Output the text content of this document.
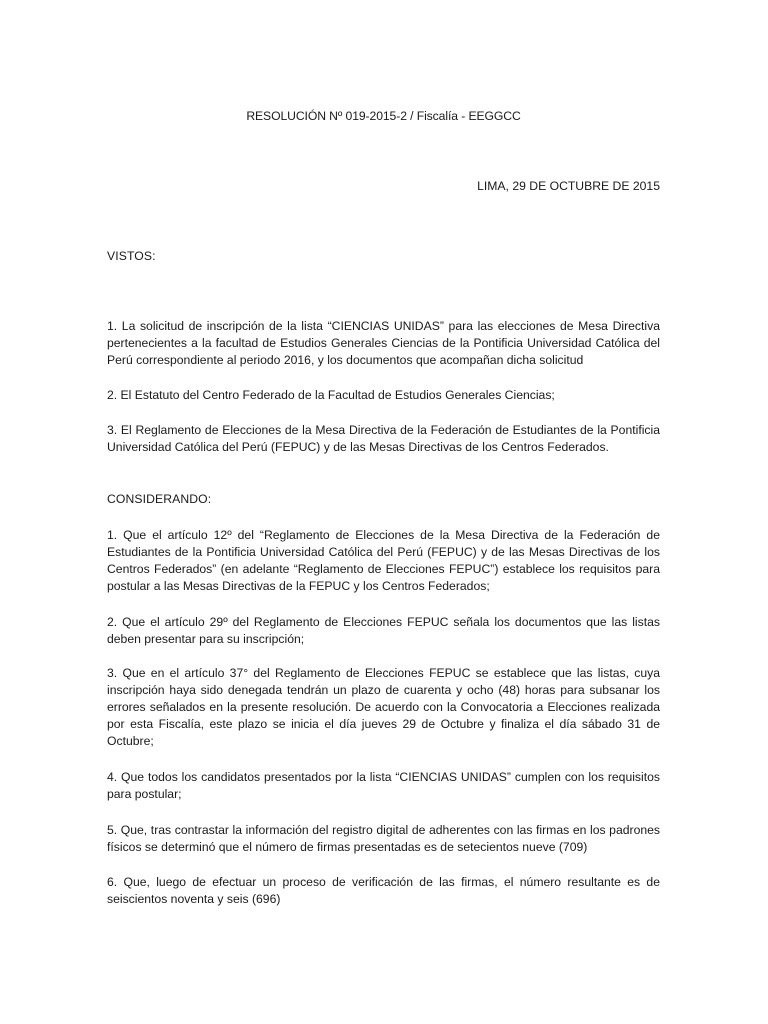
RESOLUCIÓN Nº 019-2015-2 / Fiscalía - EEGGCC
LIMA, 29 DE OCTUBRE DE 2015
VISTOS:
1. La solicitud de inscripción de la lista “CIENCIAS UNIDAS” para las elecciones de Mesa Directiva pertenecientes a la facultad de Estudios Generales Ciencias de la Pontificia Universidad Católica del Perú correspondiente al periodo 2016, y los documentos que acompañan dicha solicitud
2. El Estatuto del Centro Federado de la Facultad de Estudios Generales Ciencias;
3. El Reglamento de Elecciones de la Mesa Directiva de la Federación de Estudiantes de la Pontificia Universidad Católica del Perú (FEPUC) y de las Mesas Directivas de los Centros Federados.
CONSIDERANDO:
1. Que el artículo 12º del “Reglamento de Elecciones de la Mesa Directiva de la Federación de Estudiantes de la Pontificia Universidad Católica del Perú (FEPUC) y de las Mesas Directivas de los Centros Federados” (en adelante “Reglamento de Elecciones FEPUC”) establece los requisitos para postular a las Mesas Directivas de la FEPUC y los Centros Federados;
2. Que el artículo 29º del Reglamento de Elecciones FEPUC señala los documentos que las listas deben presentar para su inscripción;
3. Que en el artículo 37° del Reglamento de Elecciones FEPUC se establece que las listas, cuya inscripción haya sido denegada tendrán un plazo de cuarenta y ocho (48) horas para subsanar los errores señalados en la presente resolución. De acuerdo con la Convocatoria a Elecciones realizada por esta Fiscalía, este plazo se inicia el día jueves 29 de Octubre y finaliza el día sábado 31 de Octubre;
4. Que todos los candidatos presentados por la lista “CIENCIAS UNIDAS” cumplen con los requisitos para postular;
5. Que, tras contrastar la información del registro digital de adherentes con las firmas en los padrones físicos se determinó que el número de firmas presentadas es de setecientos nueve (709)
6. Que, luego de efectuar un proceso de verificación de las firmas, el número resultante es de seiscientos noventa y seis (696)
